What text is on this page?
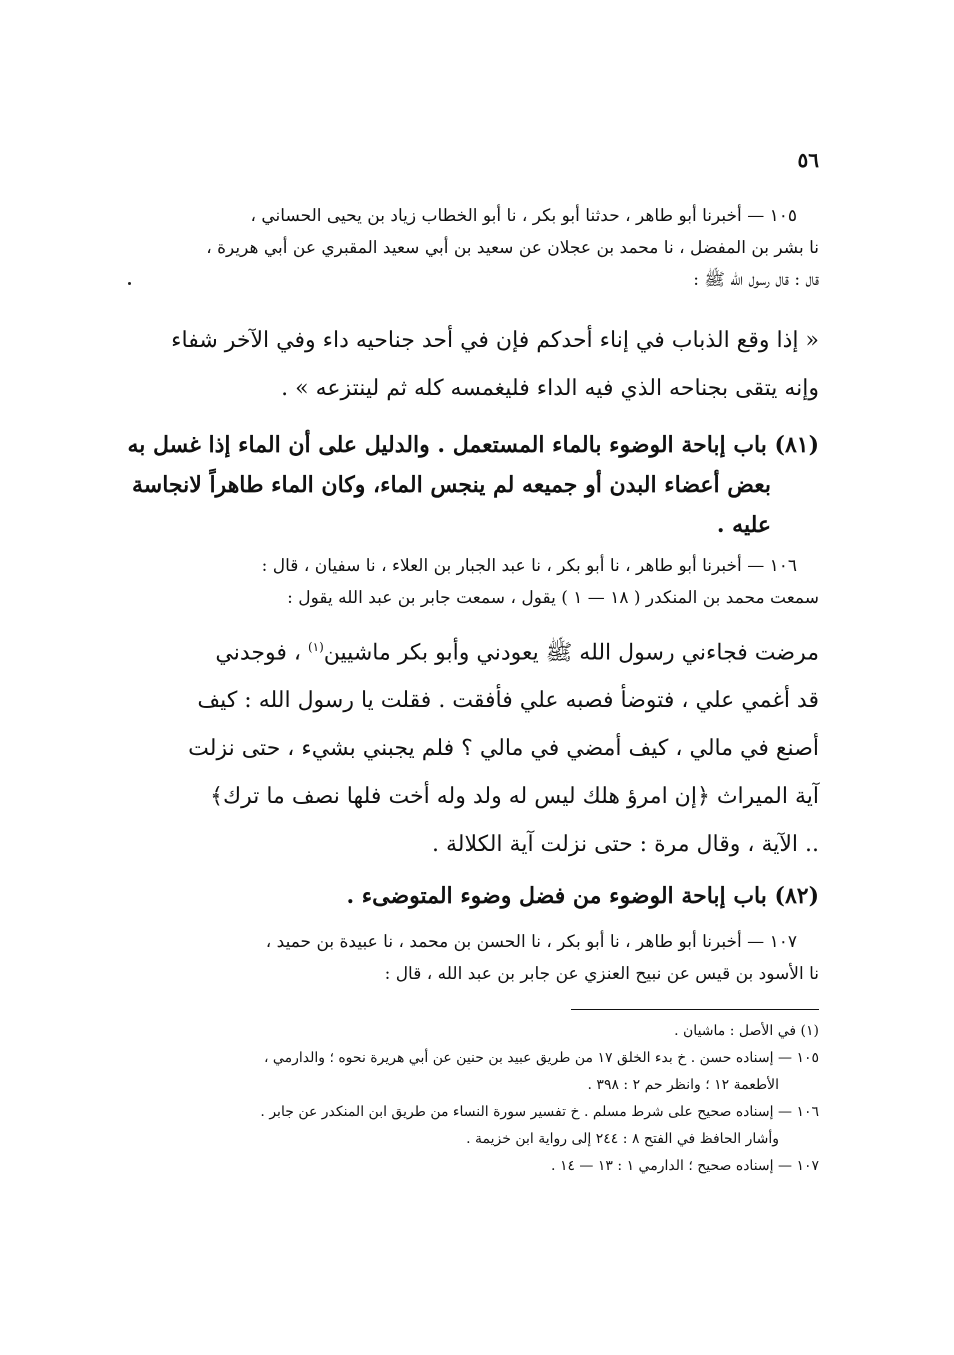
٥٦
١٠٥ — أخبرنا أبو طاهر ، حدثنا أبو بكر ، نا أبو الخطاب زياد بن يحيى الحساني ،
نا بشر بن المفضل ، نا محمد بن عجلان عن سعيد بن أبي سعيد المقبري عن أبي هريرة ،
قال : قال رسول الله ﷺ :
« إذا وقع الذباب في إناء أحدكم فإن في أحد جناحيه داء وفي الآخر شفاء
وإنه يتقى بجناحه الذي فيه الداء فليغمسه كله ثم لينتزعه » .
(٨١) باب إباحة الوضوء بالماء المستعمل . والدليل على أن الماء إذا غسل به
بعض أعضاء البدن أو جميعه لم ينجس الماء، وكان الماء طاهراً لانجاسة
عليه .
١٠٦ — أخبرنا أبو طاهر ، نا أبو بكر ، نا عبد الجبار بن العلاء ، نا سفيان ، قال :
سمعت محمد بن المنكدر ( ١٨ — ١ ) يقول ، سمعت جابر بن عبد الله يقول :
مرضت فجاءني رسول الله ﷺ يعودني وأبو بكر ماشيين$^{(١)}$ ، فوجدني
قد أغمي علي ، فتوضأ فصبه علي فأفقت . فقلت يا رسول الله : كيف
أصنع في مالي ، كيف أمضي في مالي ؟ فلم يجبني بشيء ، حتى نزلت
آية الميراث ﴿إن امرؤ هلك ليس له ولد وله أخت فلها نصف ما ترك﴾
.. الآية ، وقال مرة : حتى نزلت آية الكلالة .
(٨٢) باب إباحة الوضوء من فضل وضوء المتوضىء .
١٠٧ — أخبرنا أبو طاهر ، نا أبو بكر ، نا الحسن بن محمد ، نا عبيدة بن حميد ،
نا الأسود بن قيس عن نبيح العنزي عن جابر بن عبد الله ، قال :
(١) في الأصل : ماشيان .
١٠٥ — إسناده حسن . خ بدء الخلق ١٧ من طريق عبيد بن حنين عن أبي هريرة نحوه ؛ والدارمي ،
الأطعمة ١٢ ؛ وانظر حم ٢ : ٣٩٨ .
١٠٦ — إسناده صحيح على شرط مسلم . خ تفسير سورة النساء من طريق ابن المنكدر عن جابر .
وأشار الحافظ في الفتح ٨ : ٢٤٤ إلى رواية ابن خزيمة .
١٠٧ — إسناده صحيح ؛ الدارمي ١ : ١٣ — ١٤ .
